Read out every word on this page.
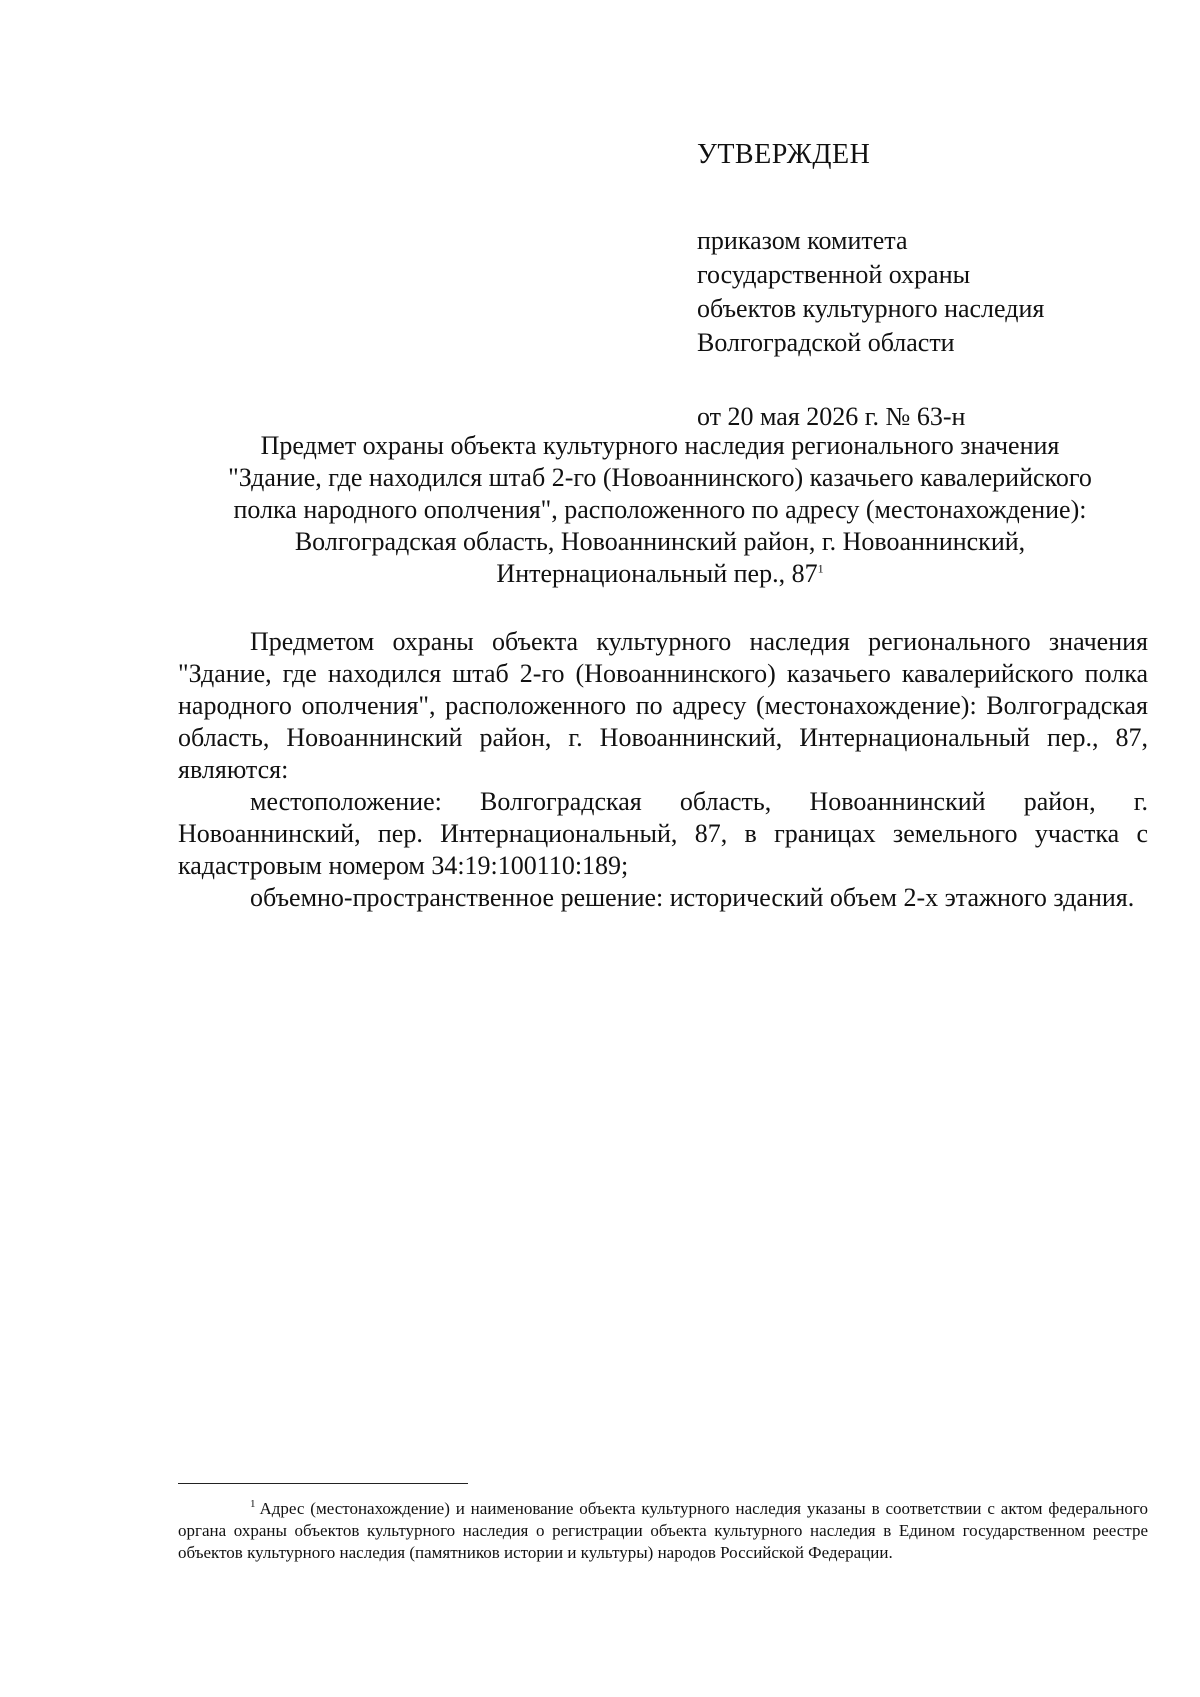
УТВЕРЖДЕН
приказом комитета
государственной охраны
объектов культурного наследия
Волгоградской области
от 20 мая 2026 г. № 63-н
Предмет охраны объекта культурного наследия регионального значения
"Здание, где находился штаб 2-го (Новоаннинского) казачьего кавалерийского
полка народного ополчения", расположенного по адресу (местонахождение):
Волгоградская область, Новоаннинский район, г. Новоаннинский,
Интернациональный пер., 87$^1$

Предметом охраны объекта культурного наследия регионального значения "Здание, где находился штаб 2-го (Новоаннинского) казачьего кавалерийского полка народного ополчения", расположенного по адресу (местонахождение): Волгоградская область, Новоаннинский район, г. Новоаннинский, Интернациональный пер., 87, являются:

местоположение: Волгоградская область, Новоаннинский район, г. Новоаннинский, пер. Интернациональный, 87, в границах земельного участка с кадастровым номером 34:19:100110:189;

объемно-пространственное решение: исторический объем 2-х этажного здания.

$^1$ Адрес (местонахождение) и наименование объекта культурного наследия указаны в соответствии с актом федерального органа охраны объектов культурного наследия о регистрации объекта культурного наследия в Едином государственном реестре объектов культурного наследия (памятников истории и культуры) народов Российской Федерации.
